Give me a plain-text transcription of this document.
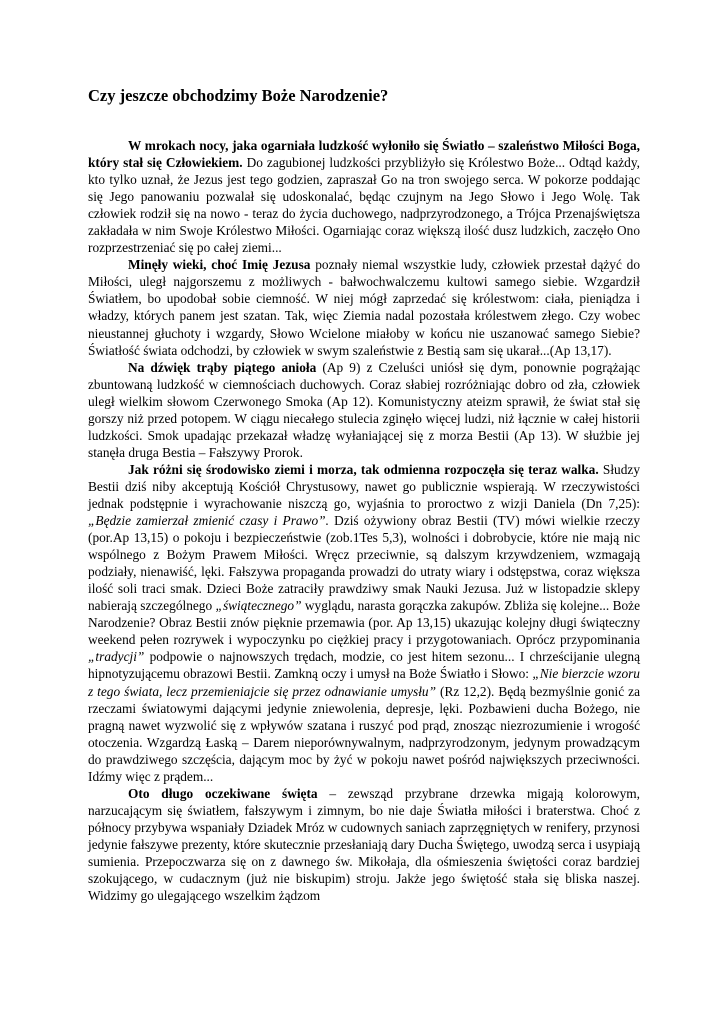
Czy jeszcze obchodzimy Boże Narodzenie?

W mrokach nocy, jaka ogarniała ludzkość wyłoniło się Światło – szaleństwo Miłości Boga, który stał się Człowiekiem. Do zagubionej ludzkości przybliżyło się Królestwo Boże... Odtąd każdy, kto tylko uznał, że Jezus jest tego godzien, zapraszał Go na tron swojego serca. W pokorze poddając się Jego panowaniu pozwalał się udoskonalać, będąc czujnym na Jego Słowo i Jego Wolę. Tak człowiek rodził się na nowo - teraz do życia duchowego, nadprzyrodzonego, a Trójca Przenajświętsza zakładała w nim Swoje Królestwo Miłości. Ogarniając coraz większą ilość dusz ludzkich, zaczęło Ono rozprzestrzeniać się po całej ziemi...

Minęły wieki, choć Imię Jezusa poznały niemal wszystkie ludy, człowiek przestał dążyć do Miłości, uległ najgorszemu z możliwych - bałwochwalczemu kultowi samego siebie. Wzgardził Światłem, bo upodobał sobie ciemność. W niej mógł zaprzedać się królestwom: ciała, pieniądza i władzy, których panem jest szatan. Tak, więc Ziemia nadal pozostała królestwem złego. Czy wobec nieustannej głuchoty i wzgardy, Słowo Wcielone miałoby w końcu nie uszanować samego Siebie? Światłość świata odchodzi, by człowiek w swym szaleństwie z Bestią sam się ukarał...(Ap 13,17).

Na dźwięk trąby piątego anioła (Ap 9) z Czeluści uniósł się dym, ponownie pogrążając zbuntowaną ludzkość w ciemnościach duchowych. Coraz słabiej rozróżniając dobro od zła, człowiek uległ wielkim słowom Czerwonego Smoka (Ap 12). Komunistyczny ateizm sprawił, że świat stał się gorszy niż przed potopem. W ciągu niecałego stulecia zginęło więcej ludzi, niż łącznie w całej historii ludzkości. Smok upadając przekazał władzę wyłaniającej się z morza Bestii (Ap 13). W służbie jej stanęła druga Bestia – Fałszywy Prorok.

Jak różni się środowisko ziemi i morza, tak odmienna rozpoczęła się teraz walka. Słudzy Bestii dziś niby akceptują Kościół Chrystusowy, nawet go publicznie wspierają. W rzeczywistości jednak podstępnie i wyrachowanie niszczą go, wyjaśnia to proroctwo z wizji Daniela (Dn 7,25): „Będzie zamierzał zmienić czasy i Prawo”. Dziś ożywiony obraz Bestii (TV) mówi wielkie rzeczy (por.Ap 13,15) o pokoju i bezpieczeństwie (zob.1Tes 5,3), wolności i dobrobycie, które nie mają nic wspólnego z Bożym Prawem Miłości. Wręcz przeciwnie, są dalszym krzywdzeniem, wzmagają podziały, nienawiść, lęki. Fałszywa propaganda prowadzi do utraty wiary i odstępstwa, coraz większa ilość soli traci smak. Dzieci Boże zatraciły prawdziwy smak Nauki Jezusa. Już w listopadzie sklepy nabierają szczególnego „świątecznego” wyglądu, narasta gorączka zakupów. Zbliża się kolejne... Boże Narodzenie? Obraz Bestii znów pięknie przemawia (por. Ap 13,15) ukazując kolejny długi świąteczny weekend pełen rozrywek i wypoczynku po ciężkiej pracy i przygotowaniach. Oprócz przypominania „tradycji” podpowie o najnowszych trędach, modzie, co jest hitem sezonu... I chrześcijanie ulegną hipnotyzującemu obrazowi Bestii. Zamkną oczy i umysł na Boże Światło i Słowo: „Nie bierzcie wzoru z tego świata, lecz przemieniajcie się przez odnawianie umysłu” (Rz 12,2). Będą bezmyślnie gonić za rzeczami światowymi dającymi jedynie zniewolenia, depresje, lęki. Pozbawieni ducha Bożego, nie pragną nawet wyzwolić się z wpływów szatana i ruszyć pod prąd, znosząc niezrozumienie i wrogość otoczenia. Wzgardzą Łaską – Darem nieporównywalnym, nadprzyrodzonym, jedynym prowadzącym do prawdziwego szczęścia, dającym moc by żyć w pokoju nawet pośród największych przeciwności. Idźmy więc z prądem...

Oto długo oczekiwane święta – zewsząd przybrane drzewka migają kolorowym, narzucającym się światłem, fałszywym i zimnym, bo nie daje Światła miłości i braterstwa. Choć z północy przybywa wspaniały Dziadek Mróz w cudownych saniach zaprzęgniętych w renifery, przynosi jedynie fałszywe prezenty, które skutecznie przesłaniają dary Ducha Świętego, uwodzą serca i usypiają sumienia. Przepoczwarza się on z dawnego św. Mikołaja, dla ośmieszenia świętości coraz bardziej szokującego, w cudacznym (już nie biskupim) stroju. Jakże jego świętość stała się bliska naszej. Widzimy go ulegającego wszelkim żądzom
